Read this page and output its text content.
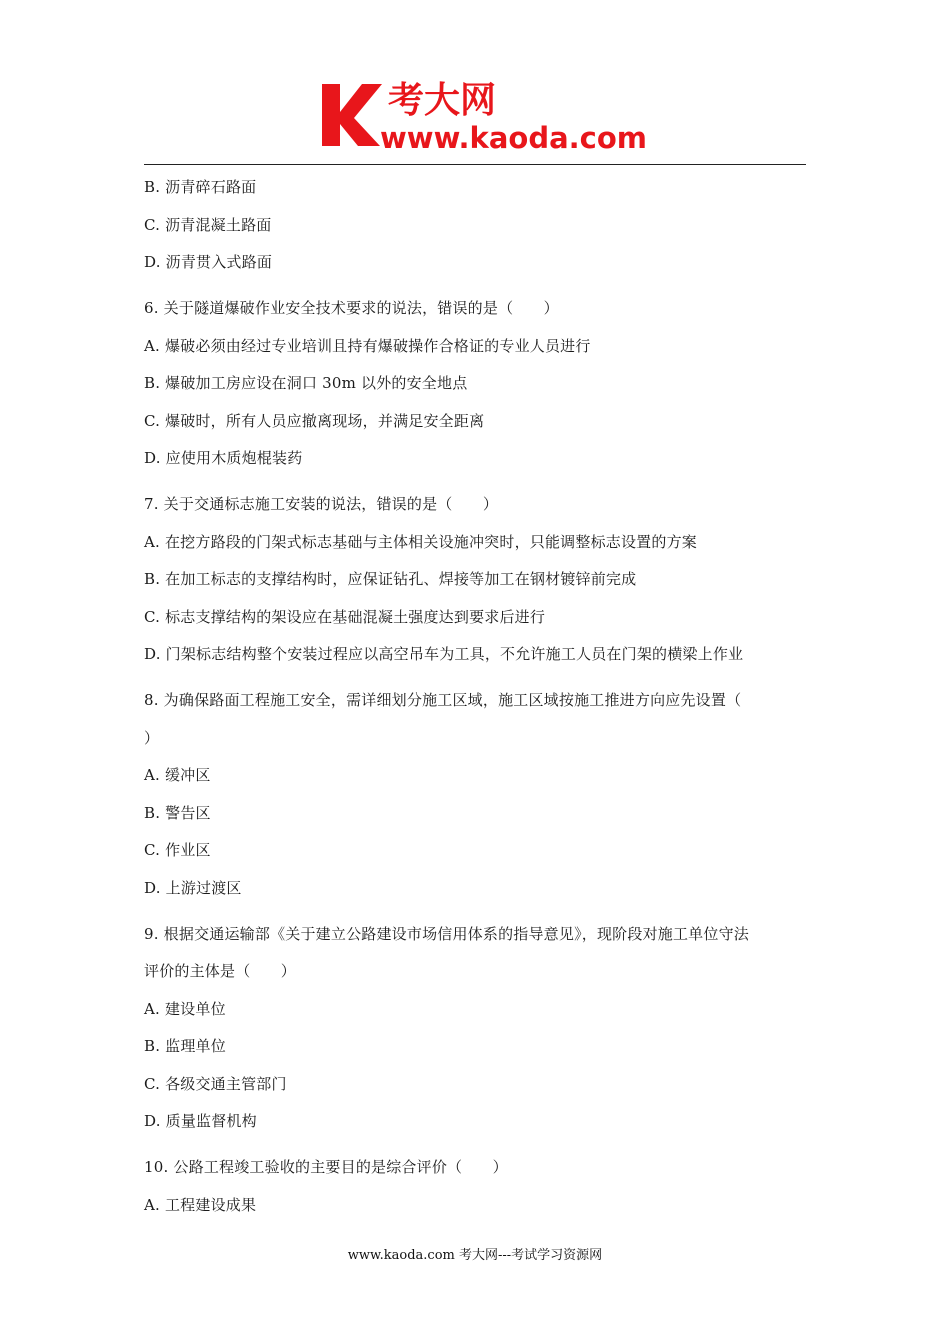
考大网
www.kaoda.com
B. 沥青碎石路面
C. 沥青混凝土路面
D. 沥青贯入式路面
6. 关于隧道爆破作业安全技术要求的说法，错误的是（　　）
A. 爆破必须由经过专业培训且持有爆破操作合格证的专业人员进行
B. 爆破加工房应设在洞口 30m 以外的安全地点
C. 爆破时，所有人员应撤离现场，并满足安全距离
D. 应使用木质炮棍装药
7. 关于交通标志施工安装的说法，错误的是（　　）
A. 在挖方路段的门架式标志基础与主体相关设施冲突时，只能调整标志设置的方案
B. 在加工标志的支撑结构时，应保证钻孔、焊接等加工在钢材镀锌前完成
C. 标志支撑结构的架设应在基础混凝土强度达到要求后进行
D. 门架标志结构整个安装过程应以高空吊车为工具，不允许施工人员在门架的横梁上作业
8. 为确保路面工程施工安全，需详细划分施工区域，施工区域按施工推进方向应先设置（
）
A. 缓冲区
B. 警告区
C. 作业区
D. 上游过渡区
9. 根据交通运输部《关于建立公路建设市场信用体系的指导意见》，现阶段对施工单位守法
评价的主体是（　　）
A. 建设单位
B. 监理单位
C. 各级交通主管部门
D. 质量监督机构
10. 公路工程竣工验收的主要目的是综合评价（　　）
A. 工程建设成果
www.kaoda.com 考大网---考试学习资源网
